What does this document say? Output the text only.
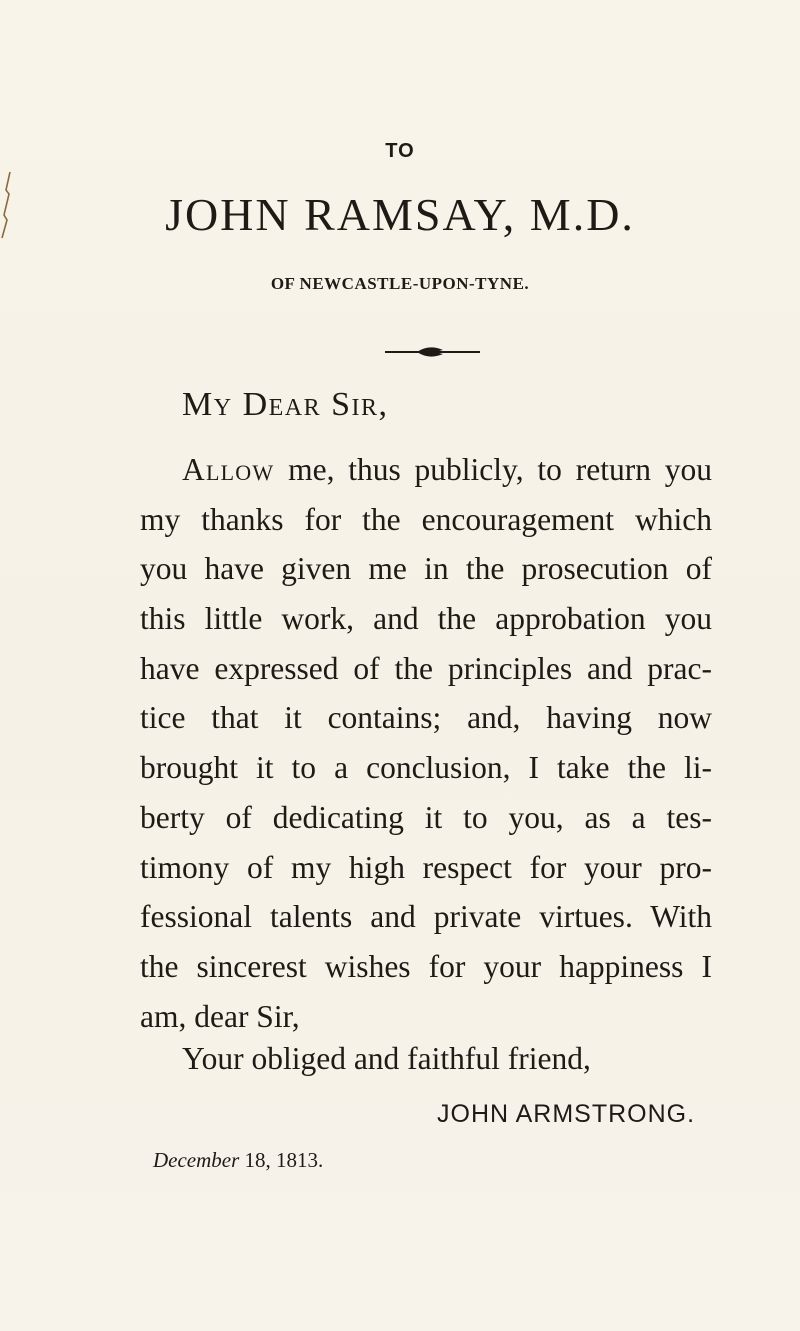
TO
JOHN RAMSAY, M.D.
OF NEWCASTLE-UPON-TYNE.
My Dear Sir,
Allow me, thus publicly, to return you
my thanks for the encouragement which
you have given me in the prosecution of
this little work, and the approbation you
have expressed of the principles and prac-
tice that it contains; and, having now
brought it to a conclusion, I take the li-
berty of dedicating it to you, as a tes-
timony of my high respect for your pro-
fessional talents and private virtues. With
the sincerest wishes for your happiness I
am, dear Sir,
Your obliged and faithful friend,
JOHN ARMSTRONG.
December 18, 1813.
